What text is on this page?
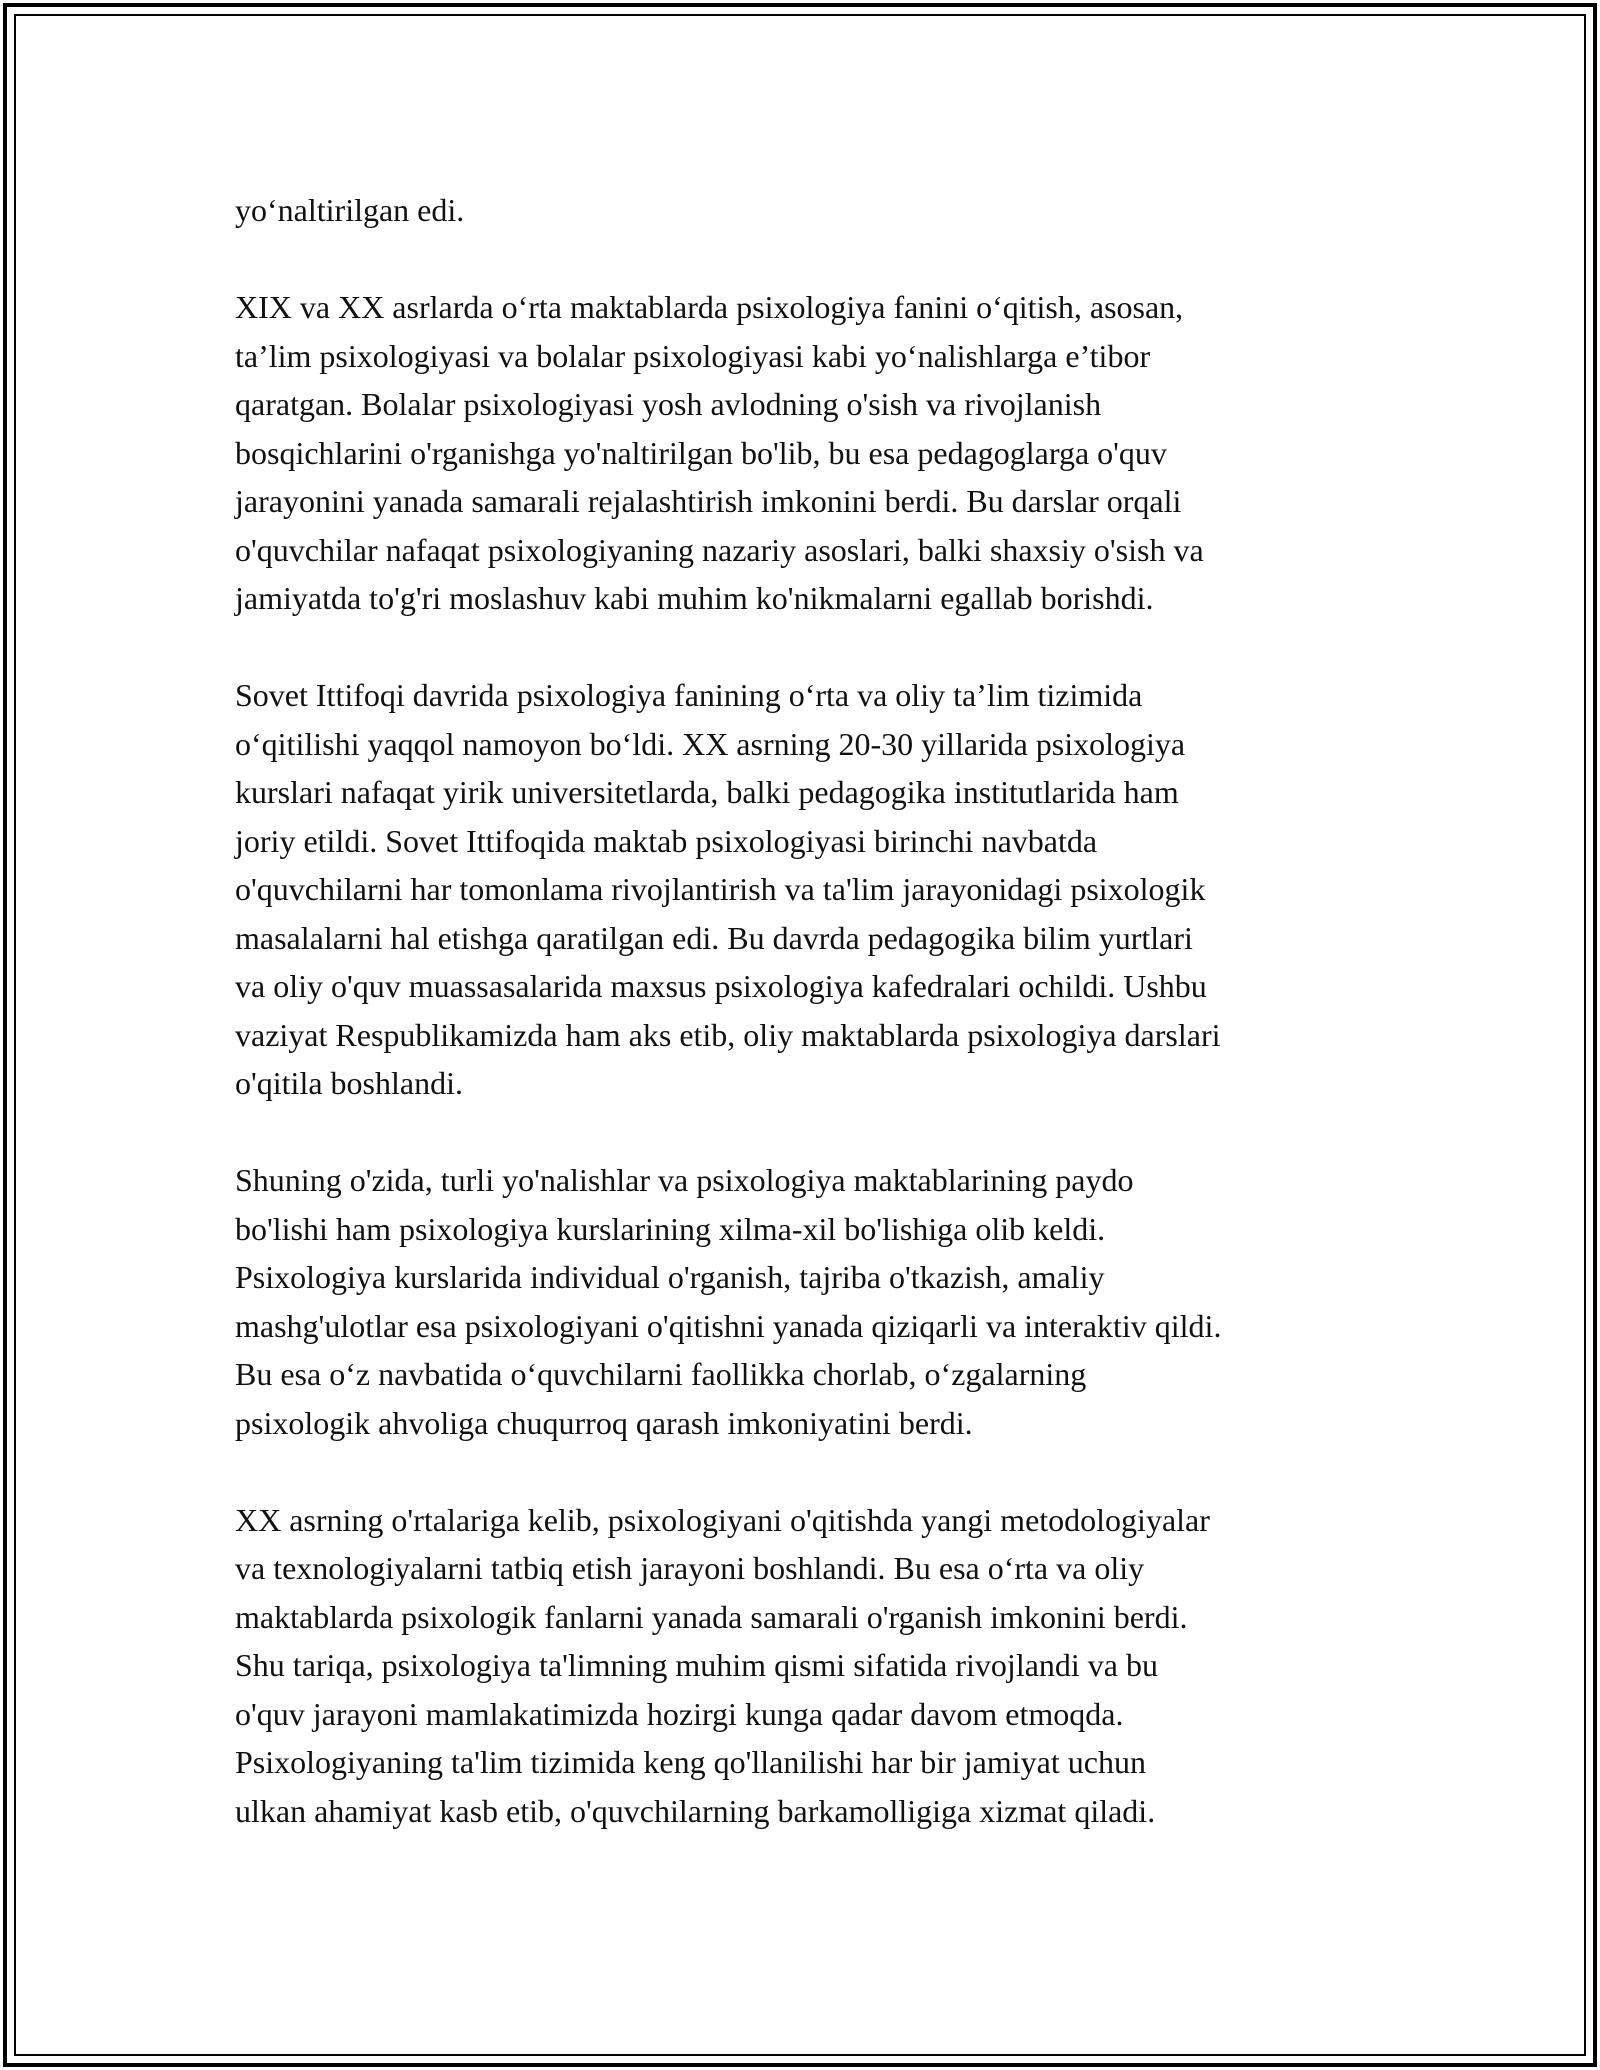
yo‘naltirilgan edi.

XIX va XX asrlarda o‘rta maktablarda psixologiya fanini o‘qitish, asosan,
ta’lim psixologiyasi va bolalar psixologiyasi kabi yo‘nalishlarga e’tibor
qaratgan. Bolalar psixologiyasi yosh avlodning o'sish va rivojlanish
bosqichlarini o'rganishga yo'naltirilgan bo'lib, bu esa pedagoglarga o'quv
jarayonini yanada samarali rejalashtirish imkonini berdi. Bu darslar orqali
o'quvchilar nafaqat psixologiyaning nazariy asoslari, balki shaxsiy o'sish va
jamiyatda to'g'ri moslashuv kabi muhim ko'nikmalarni egallab borishdi.

Sovet Ittifoqi davrida psixologiya fanining o‘rta va oliy ta’lim tizimida
o‘qitilishi yaqqol namoyon bo‘ldi. XX asrning 20-30 yillarida psixologiya
kurslari nafaqat yirik universitetlarda, balki pedagogika institutlarida ham
joriy etildi. Sovet Ittifoqida maktab psixologiyasi birinchi navbatda
o'quvchilarni har tomonlama rivojlantirish va ta'lim jarayonidagi psixologik
masalalarni hal etishga qaratilgan edi. Bu davrda pedagogika bilim yurtlari
va oliy o'quv muassasalarida maxsus psixologiya kafedralari ochildi. Ushbu
vaziyat Respublikamizda ham aks etib, oliy maktablarda psixologiya darslari
o'qitila boshlandi.

Shuning o'zida, turli yo'nalishlar va psixologiya maktablarining paydo
bo'lishi ham psixologiya kurslarining xilma-xil bo'lishiga olib keldi.
Psixologiya kurslarida individual o'rganish, tajriba o'tkazish, amaliy
mashg'ulotlar esa psixologiyani o'qitishni yanada qiziqarli va interaktiv qildi.
Bu esa o‘z navbatida o‘quvchilarni faollikka chorlab, o‘zgalarning
psixologik ahvoliga chuqurroq qarash imkoniyatini berdi.

XX asrning o'rtalariga kelib, psixologiyani o'qitishda yangi metodologiyalar
va texnologiyalarni tatbiq etish jarayoni boshlandi. Bu esa o‘rta va oliy
maktablarda psixologik fanlarni yanada samarali o'rganish imkonini berdi.
Shu tariqa, psixologiya ta'limning muhim qismi sifatida rivojlandi va bu
o'quv jarayoni mamlakatimizda hozirgi kunga qadar davom etmoqda.
Psixologiyaning ta'lim tizimida keng qo'llanilishi har bir jamiyat uchun
ulkan ahamiyat kasb etib, o'quvchilarning barkamolligiga xizmat qiladi.
